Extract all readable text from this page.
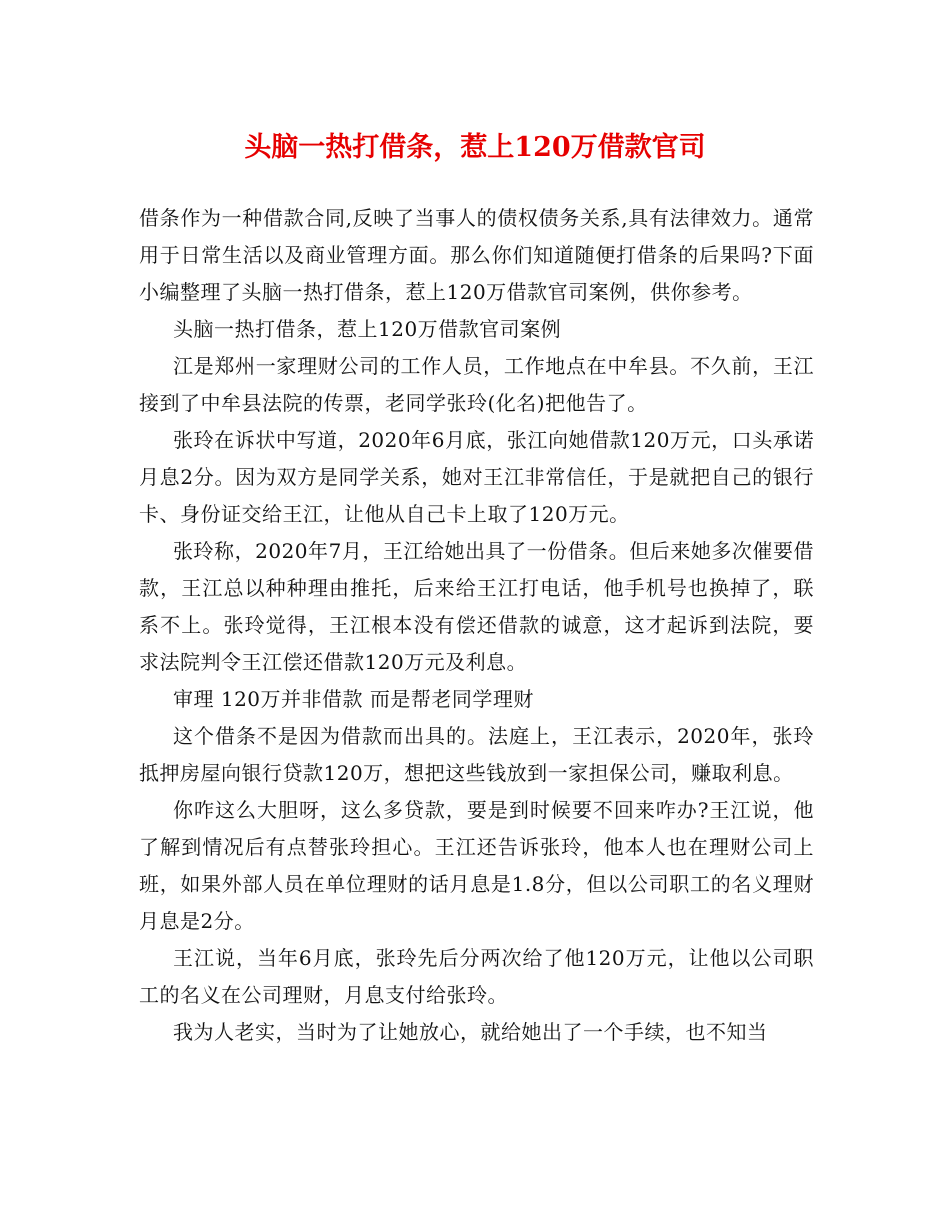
头脑一热打借条，惹上120万借款官司

借条作为一种借款合同,反映了当事人的债权债务关系,具有法律效力。通常用于日常生活以及商业管理方面。那么你们知道随便打借条的后果吗?下面小编整理了头脑一热打借条，惹上120万借款官司案例，供你参考。

头脑一热打借条，惹上120万借款官司案例

江是郑州一家理财公司的工作人员，工作地点在中牟县。不久前，王江接到了中牟县法院的传票，老同学张玲(化名)把他告了。

张玲在诉状中写道，2020年6月底，张江向她借款120万元，口头承诺月息2分。因为双方是同学关系，她对王江非常信任，于是就把自己的银行卡、身份证交给王江，让他从自己卡上取了120万元。

张玲称，2020年7月，王江给她出具了一份借条。但后来她多次催要借款，王江总以种种理由推托，后来给王江打电话，他手机号也换掉了，联系不上。张玲觉得，王江根本没有偿还借款的诚意，这才起诉到法院，要求法院判令王江偿还借款120万元及利息。

审理 120万并非借款 而是帮老同学理财

这个借条不是因为借款而出具的。法庭上，王江表示，2020年，张玲抵押房屋向银行贷款120万，想把这些钱放到一家担保公司，赚取利息。

你咋这么大胆呀，这么多贷款，要是到时候要不回来咋办?王江说，他了解到情况后有点替张玲担心。王江还告诉张玲，他本人也在理财公司上班，如果外部人员在单位理财的话月息是1.8分，但以公司职工的名义理财月息是2分。

王江说，当年6月底，张玲先后分两次给了他120万元，让他以公司职工的名义在公司理财，月息支付给张玲。

我为人老实，当时为了让她放心，就给她出了一个手续，也不知当
